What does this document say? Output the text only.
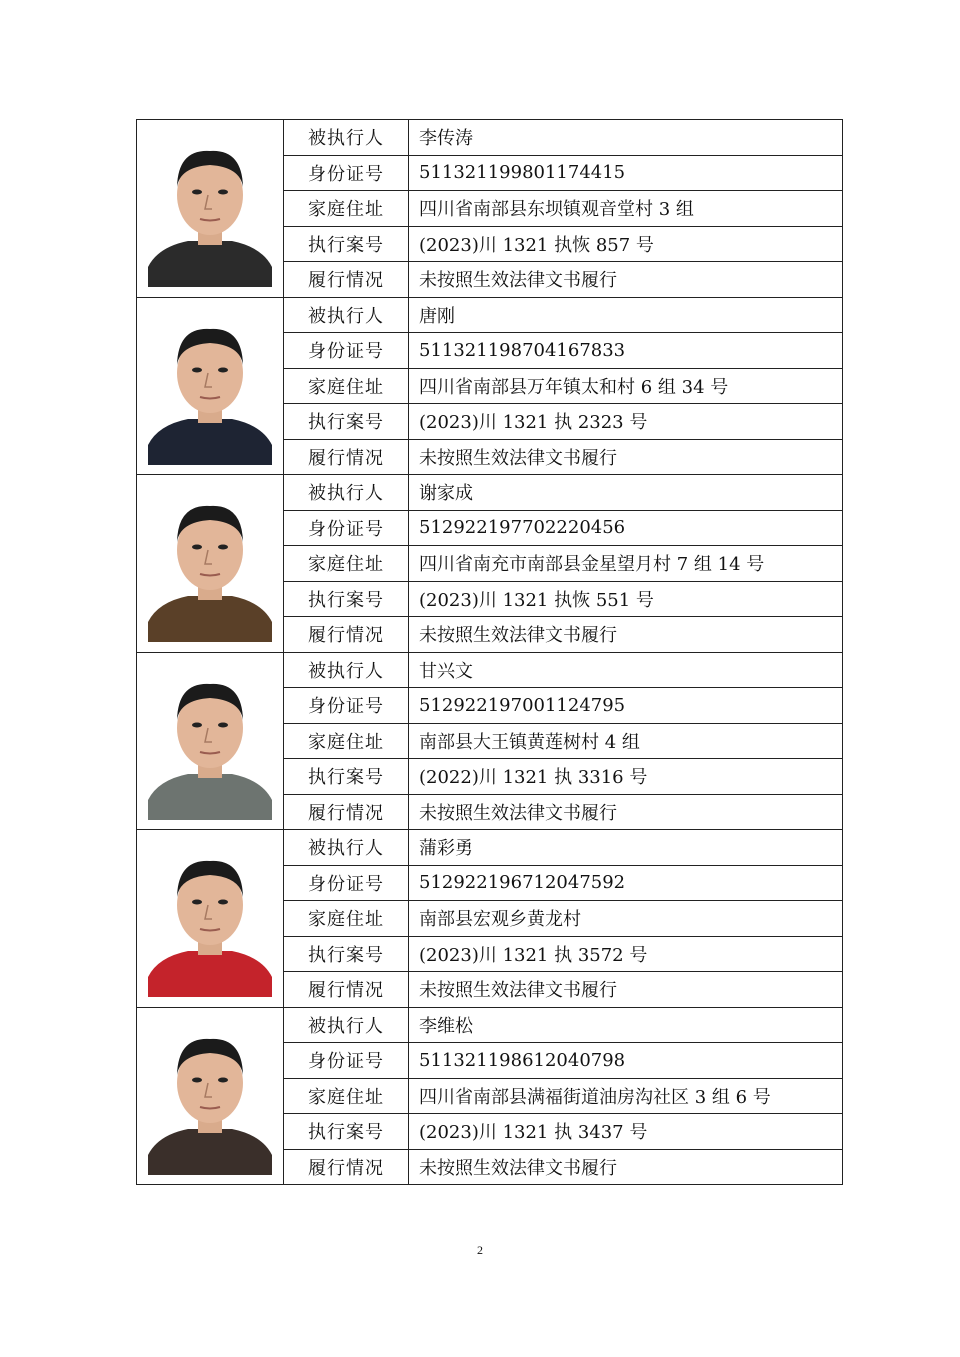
	被执行人	李传涛
	身份证号	511321199801174415
	家庭住址	四川省南部县东坝镇观音堂村 3 组
	执行案号	(2023)川 1321 执恢 857 号
	履行情况	未按照生效法律文书履行

	被执行人	唐刚
	身份证号	511321198704167833
	家庭住址	四川省南部县万年镇太和村 6 组 34 号
	执行案号	(2023)川 1321 执 2323 号
	履行情况	未按照生效法律文书履行

	被执行人	谢家成
	身份证号	512922197702220456
	家庭住址	四川省南充市南部县金星望月村 7 组 14 号
	执行案号	(2023)川 1321 执恢 551 号
	履行情况	未按照生效法律文书履行

	被执行人	甘兴文
	身份证号	512922197001124795
	家庭住址	南部县大王镇黄莲树村 4 组
	执行案号	(2022)川 1321 执 3316 号
	履行情况	未按照生效法律文书履行

	被执行人	蒲彩勇
	身份证号	512922196712047592
	家庭住址	南部县宏观乡黄龙村
	执行案号	(2023)川 1321 执 3572 号
	履行情况	未按照生效法律文书履行

	被执行人	李维松
	身份证号	511321198612040798
	家庭住址	四川省南部县满福街道油房沟社区 3 组 6 号
	执行案号	(2023)川 1321 执 3437 号
	履行情况	未按照生效法律文书履行
2
